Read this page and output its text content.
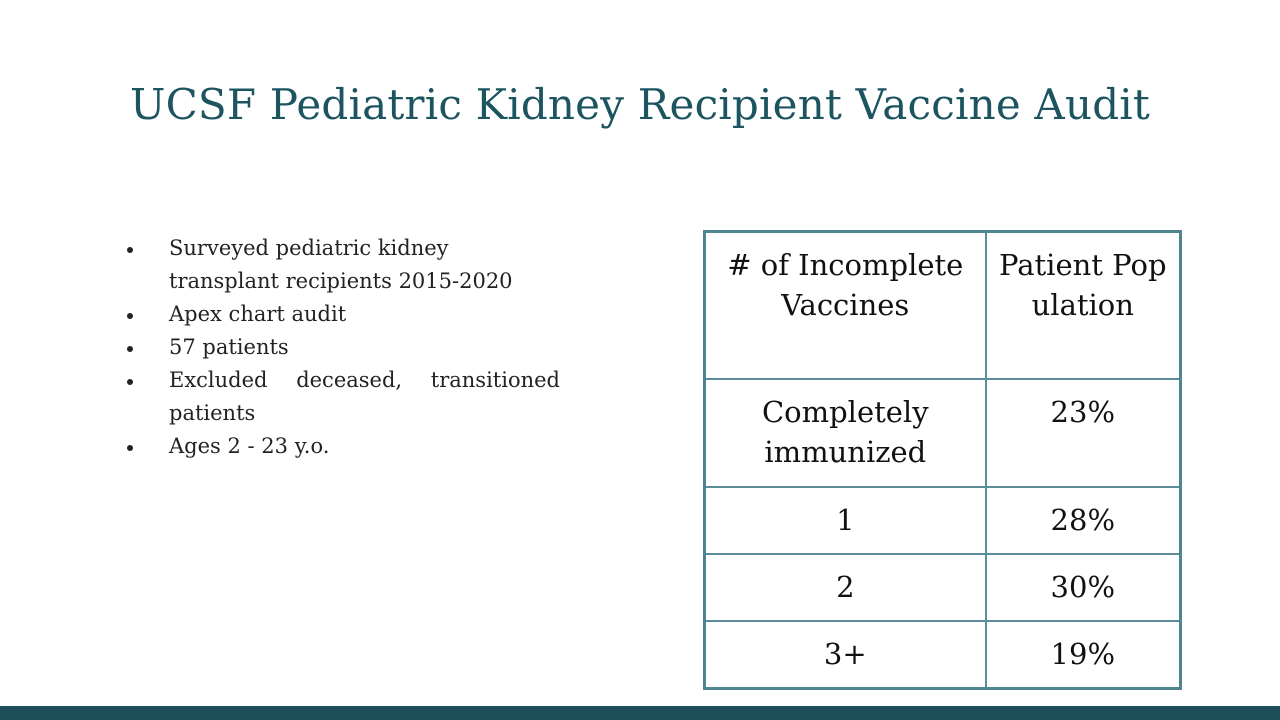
UCSF Pediatric Kidney Recipient Vaccine Audit
Surveyed pediatric kidney transplant recipients 2015-2020
Apex chart audit
57 patients
Excluded deceased, transitioned patients
Ages 2 - 23 y.o.
# of Incomplete Vaccines	Patient Population
Completely immunized	23%
1	28%
2	30%
3+	19%
